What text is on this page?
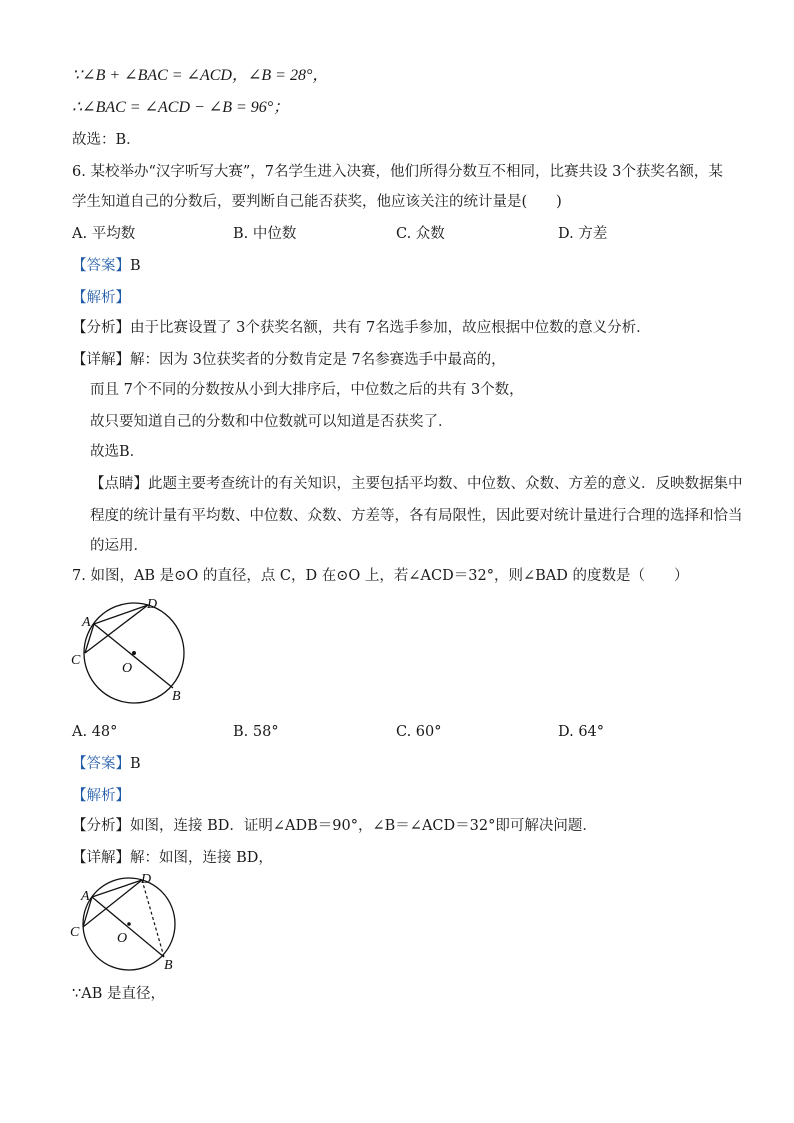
∵∠B + ∠BAC = ∠ACD，∠B = 28°，
∴∠BAC = ∠ACD − ∠B = 96°；
故选：B．
6. 某校举办“汉字听写大赛”，7名学生进入决赛，他们所得分数互不相同，比赛共设 3个获奖名额，某
学生知道自己的分数后，要判断自己能否获奖，他应该关注的统计量是(　　)
A. 平均数	B. 中位数	C. 众数	D. 方差
【答案】B
【解析】
【分析】由于比赛设置了 3个获奖名额，共有 7名选手参加，故应根据中位数的意义分析．
【详解】解：因为 3位获奖者的分数肯定是 7名参赛选手中最高的，
而且 7个不同的分数按从小到大排序后，中位数之后的共有 3个数，
故只要知道自己的分数和中位数就可以知道是否获奖了．
故选B．
【点睛】此题主要考查统计的有关知识，主要包括平均数、中位数、众数、方差的意义．反映数据集中
程度的统计量有平均数、中位数、众数、方差等，各有局限性，因此要对统计量进行合理的选择和恰当
的运用．
7. 如图，AB 是⊙O 的直径，点 C，D 在⊙O 上，若∠ACD＝32°，则∠BAD 的度数是（　　）
A
D
C
O
B
A. 48°	B. 58°	C. 60°	D. 64°
【答案】B
【解析】
【分析】如图，连接 BD．证明∠ADB＝90°，∠B＝∠ACD＝32°即可解决问题．
【详解】解：如图，连接 BD，
A
D
C	O
B
∵AB 是直径，
